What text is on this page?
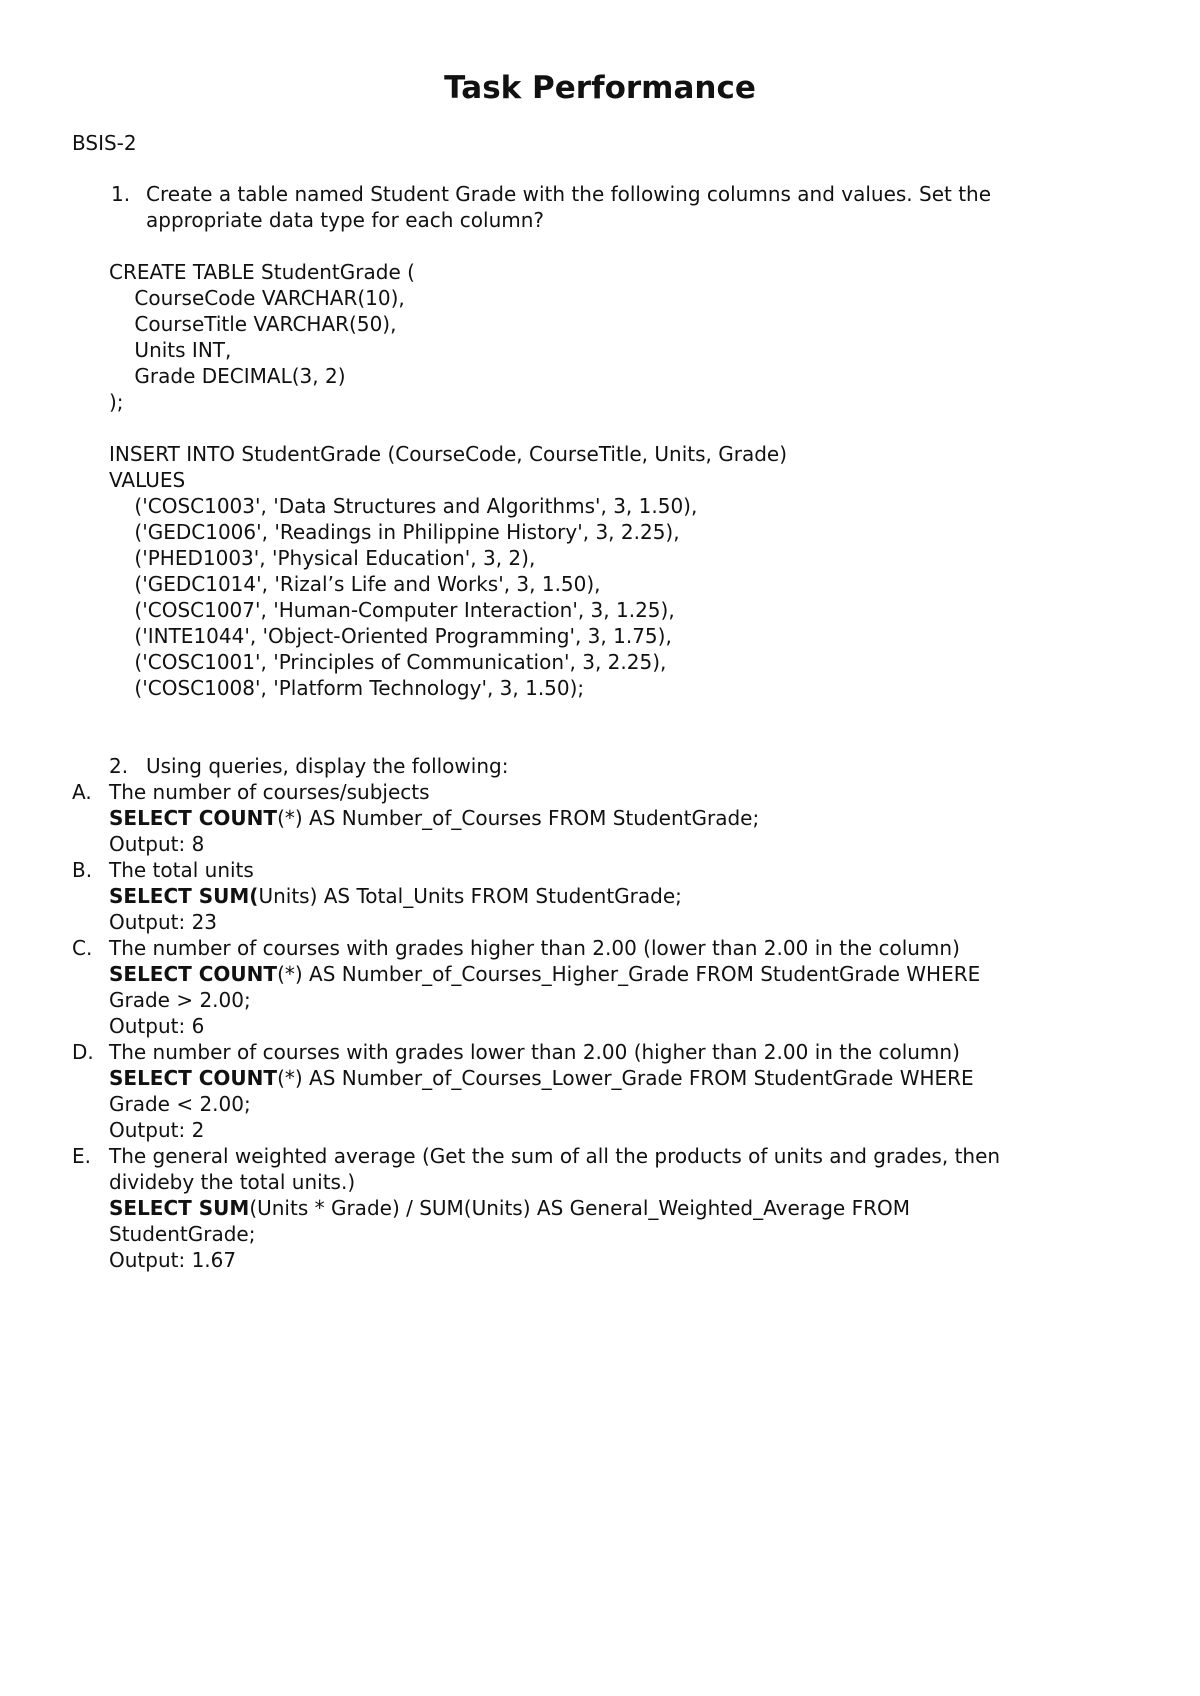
Task Performance
BSIS-2
1. Create a table named Student Grade with the following columns and values. Set the
appropriate data type for each column?
CREATE TABLE StudentGrade (
CourseCode VARCHAR(10),
CourseTitle VARCHAR(50),
Units INT,
Grade DECIMAL(3, 2)
);
INSERT INTO StudentGrade (CourseCode, CourseTitle, Units, Grade)
VALUES
('COSC1003', 'Data Structures and Algorithms', 3, 1.50),
('GEDC1006', 'Readings in Philippine History', 3, 2.25),
('PHED1003', 'Physical Education', 3, 2),
('GEDC1014', 'Rizal’s Life and Works', 3, 1.50),
('COSC1007', 'Human-Computer Interaction', 3, 1.25),
('INTE1044', 'Object-Oriented Programming', 3, 1.75),
('COSC1001', 'Principles of Communication', 3, 2.25),
('COSC1008', 'Platform Technology', 3, 1.50);
2. Using queries, display the following:
A. The number of courses/subjects
SELECT COUNT(*) AS Number_of_Courses FROM StudentGrade;
Output: 8
B. The total units
SELECT SUM(Units) AS Total_Units FROM StudentGrade;
Output: 23
C. The number of courses with grades higher than 2.00 (lower than 2.00 in the column)
SELECT COUNT(*) AS Number_of_Courses_Higher_Grade FROM StudentGrade WHERE
Grade > 2.00;
Output: 6
D. The number of courses with grades lower than 2.00 (higher than 2.00 in the column)
SELECT COUNT(*) AS Number_of_Courses_Lower_Grade FROM StudentGrade WHERE
Grade < 2.00;
Output: 2
E. The general weighted average (Get the sum of all the products of units and grades, then
divideby the total units.)
SELECT SUM(Units * Grade) / SUM(Units) AS General_Weighted_Average FROM
StudentGrade;
Output: 1.67
